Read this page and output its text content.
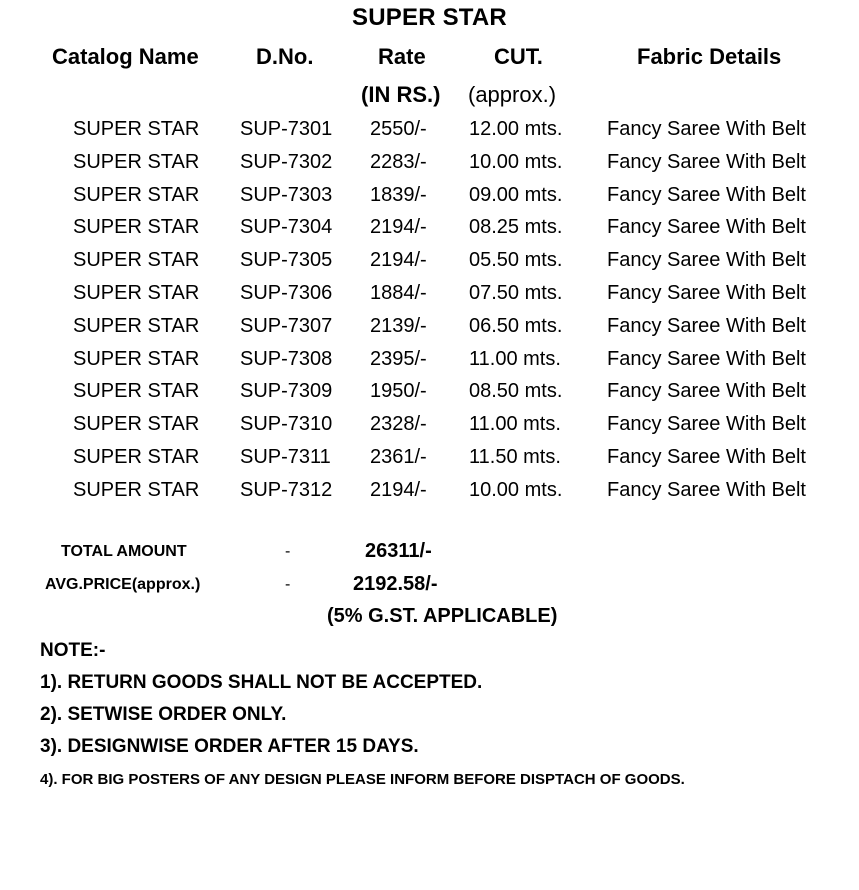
SUPER STAR
Catalog Name	D.No.	Rate	CUT.	Fabric Details
(IN RS.) (approx.)
SUPER STAR SUP-7301 2550/- 12.00 mts. Fancy Saree With Belt
SUPER STAR SUP-7302 2283/- 10.00 mts. Fancy Saree With Belt
SUPER STAR SUP-7303 1839/- 09.00 mts. Fancy Saree With Belt
SUPER STAR SUP-7304 2194/- 08.25 mts. Fancy Saree With Belt
SUPER STAR SUP-7305 2194/- 05.50 mts. Fancy Saree With Belt
SUPER STAR SUP-7306 1884/- 07.50 mts. Fancy Saree With Belt
SUPER STAR SUP-7307 2139/- 06.50 mts. Fancy Saree With Belt
SUPER STAR SUP-7308 2395/- 11.00 mts. Fancy Saree With Belt
SUPER STAR SUP-7309 1950/- 08.50 mts. Fancy Saree With Belt
SUPER STAR SUP-7310 2328/- 11.00 mts. Fancy Saree With Belt
SUPER STAR SUP-7311 2361/- 11.50 mts. Fancy Saree With Belt
SUPER STAR SUP-7312 2194/- 10.00 mts. Fancy Saree With Belt
TOTAL AMOUNT	-	26311/-
AVG.PRICE(approx.)	-	2192.58/-
(5% G.ST. APPLICABLE)
NOTE:-
1). RETURN GOODS SHALL NOT BE ACCEPTED.
2). SETWISE ORDER ONLY.
3). DESIGNWISE ORDER AFTER 15 DAYS.
4). FOR BIG POSTERS OF ANY DESIGN PLEASE INFORM BEFORE DISPTACH OF GOODS.
